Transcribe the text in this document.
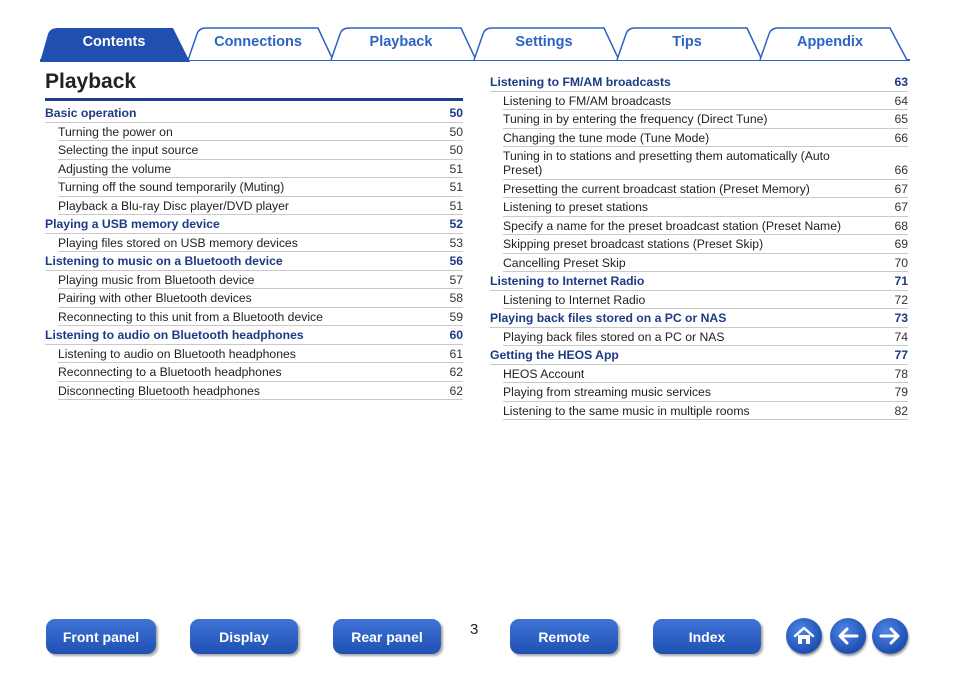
Contents	Connections	Playback	Settings	Tips	Appendix
Playback
Basic operation	50
Turning the power on	50
Selecting the input source	50
Adjusting the volume	51
Turning off the sound temporarily (Muting)	51
Playback a Blu-ray Disc player/DVD player	51
Playing a USB memory device	52
Playing files stored on USB memory devices	53
Listening to music on a Bluetooth device	56
Playing music from Bluetooth device	57
Pairing with other Bluetooth devices	58
Reconnecting to this unit from a Bluetooth device	59
Listening to audio on Bluetooth headphones	60
Listening to audio on Bluetooth headphones	61
Reconnecting to a Bluetooth headphones	62
Disconnecting Bluetooth headphones	62
Listening to FM/AM broadcasts	63
Listening to FM/AM broadcasts	64
Tuning in by entering the frequency (Direct Tune)	65
Changing the tune mode (Tune Mode)	66
Tuning in to stations and presetting them automatically (Auto Preset)	66
Presetting the current broadcast station (Preset Memory)	67
Listening to preset stations	67
Specify a name for the preset broadcast station (Preset Name)	68
Skipping preset broadcast stations (Preset Skip)	69
Cancelling Preset Skip	70
Listening to Internet Radio	71
Listening to Internet Radio	72
Playing back files stored on a PC or NAS	73
Playing back files stored on a PC or NAS	74
Getting the HEOS App	77
HEOS Account	78
Playing from streaming music services	79
Listening to the same music in multiple rooms	82
Front panel	Display	Rear panel	3	Remote	Index
